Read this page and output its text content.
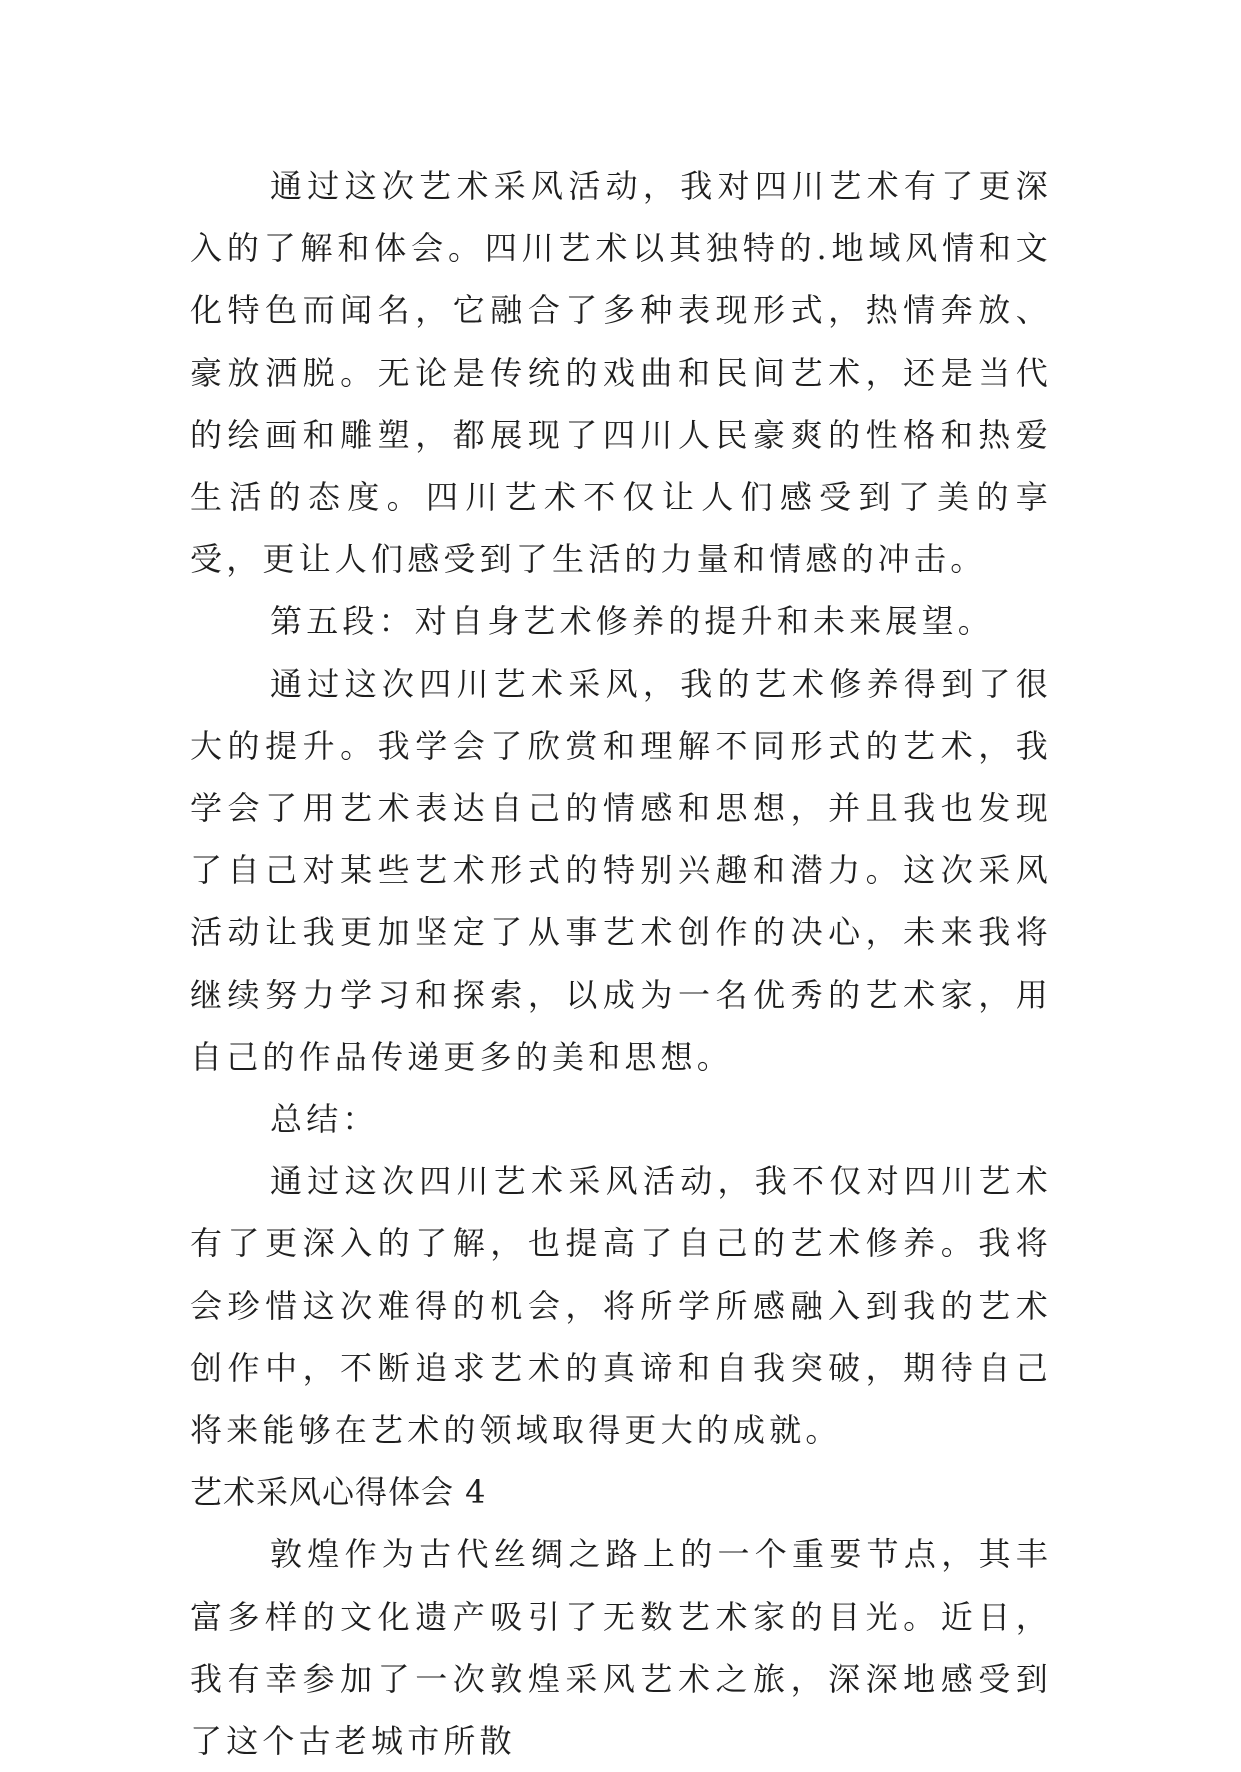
通过这次艺术采风活动，我对四川艺术有了更深入的了解和体会。四川艺术以其独特的.地域风情和文化特色而闻名，它融合了多种表现形式，热情奔放、豪放洒脱。无论是传统的戏曲和民间艺术，还是当代的绘画和雕塑，都展现了四川人民豪爽的性格和热爱生活的态度。四川艺术不仅让人们感受到了美的享受，更让人们感受到了生活的力量和情感的冲击。

第五段：对自身艺术修养的提升和未来展望。

通过这次四川艺术采风，我的艺术修养得到了很大的提升。我学会了欣赏和理解不同形式的艺术，我学会了用艺术表达自己的情感和思想，并且我也发现了自己对某些艺术形式的特别兴趣和潜力。这次采风活动让我更加坚定了从事艺术创作的决心，未来我将继续努力学习和探索，以成为一名优秀的艺术家，用自己的作品传递更多的美和思想。

总结：

通过这次四川艺术采风活动，我不仅对四川艺术有了更深入的了解，也提高了自己的艺术修养。我将会珍惜这次难得的机会，将所学所感融入到我的艺术创作中，不断追求艺术的真谛和自我突破，期待自己将来能够在艺术的领域取得更大的成就。

艺术采风心得体会 4

敦煌作为古代丝绸之路上的一个重要节点，其丰富多样的文化遗产吸引了无数艺术家的目光。近日，我有幸参加了一次敦煌采风艺术之旅，深深地感受到了这个古老城市所散
